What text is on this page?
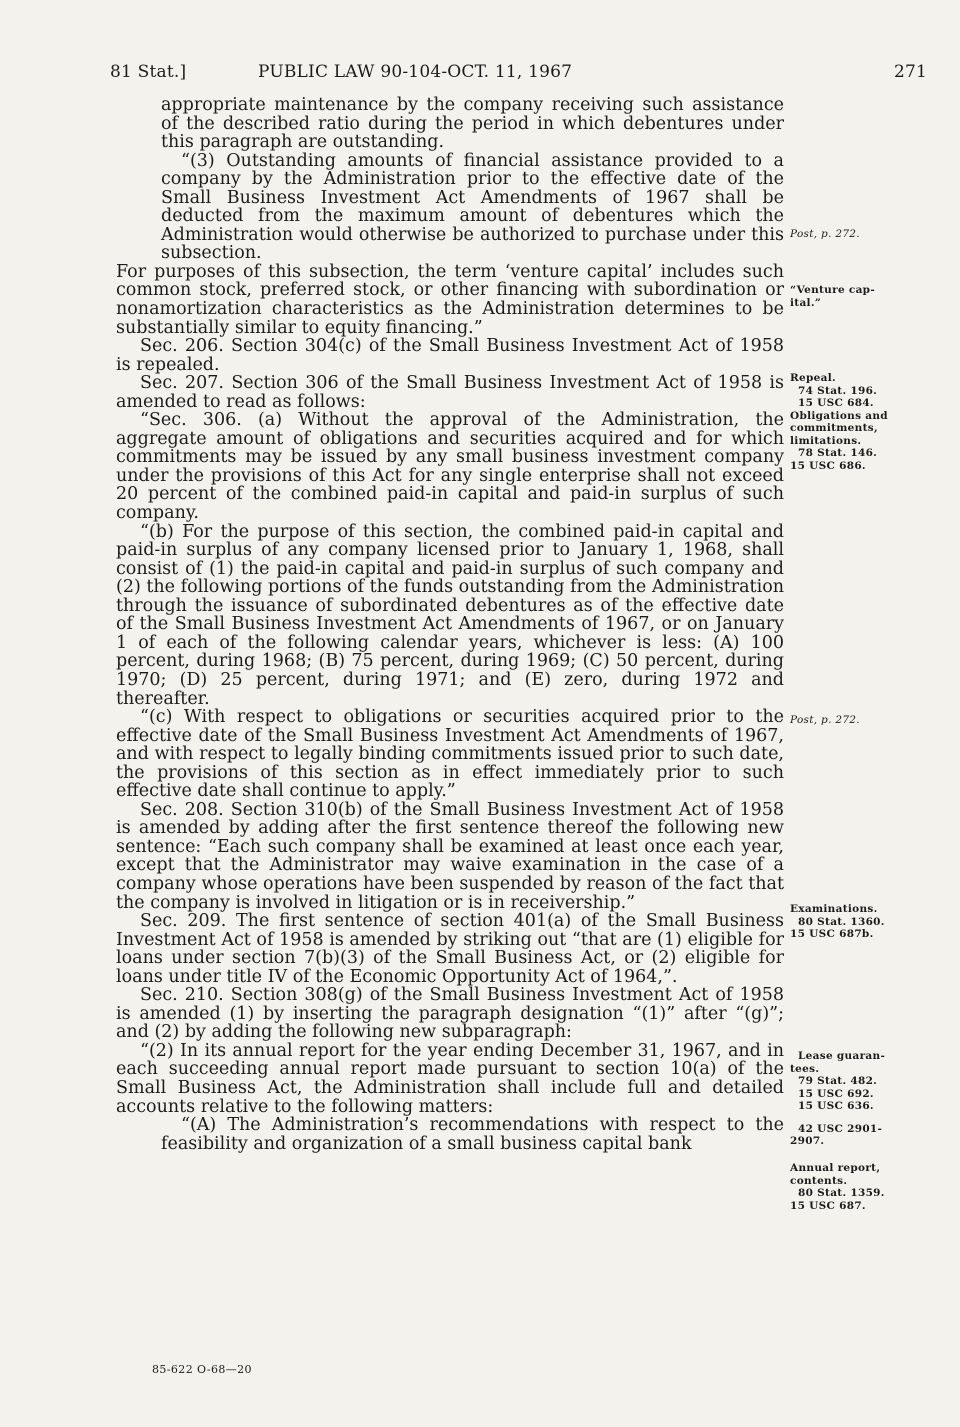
81 Stat.]	PUBLIC LAW 90-104-OCT. 11, 1967	271

appropriate maintenance by the company receiving such assistance of the described ratio during the period in which debentures under this paragraph are outstanding.

“(3) Outstanding amounts of financial assistance provided to a company by the Administration prior to the effective date of the Small Business Investment Act Amendments of 1967 shall be deducted from the maximum amount of debentures which the Administration would otherwise be authorized to purchase under this subsection.

For purposes of this subsection, the term ‘venture capital’ includes such common stock, preferred stock, or other financing with subordination or nonamortization characteristics as the Administration determines to be substantially similar to equity financing.”

Sec. 206. Section 304(c) of the Small Business Investment Act of 1958 is repealed.

Sec. 207. Section 306 of the Small Business Investment Act of 1958 is amended to read as follows:

“Sec. 306. (a) Without the approval of the Administration, the aggregate amount of obligations and securities acquired and for which commitments may be issued by any small business investment company under the provisions of this Act for any single enterprise shall not exceed 20 percent of the combined paid-in capital and paid-in surplus of such company.

“(b) For the purpose of this section, the combined paid-in capital and paid-in surplus of any company licensed prior to January 1, 1968, shall consist of (1) the paid-in capital and paid-in surplus of such company and (2) the following portions of the funds outstanding from the Administration through the issuance of subordinated debentures as of the effective date of the Small Business Investment Act Amendments of 1967, or on January 1 of each of the following calendar years, whichever is less: (A) 100 percent, during 1968; (B) 75 percent, during 1969; (C) 50 percent, during 1970; (D) 25 percent, during 1971; and (E) zero, during 1972 and thereafter.

“(c) With respect to obligations or securities acquired prior to the effective date of the Small Business Investment Act Amendments of 1967, and with respect to legally binding commitments issued prior to such date, the provisions of this section as in effect immediately prior to such effective date shall continue to apply.”

Sec. 208. Section 310(b) of the Small Business Investment Act of 1958 is amended by adding after the first sentence thereof the following new sentence: “Each such company shall be examined at least once each year, except that the Administrator may waive examination in the case of a company whose operations have been suspended by reason of the fact that the company is involved in litigation or is in receivership.”

Sec. 209. The first sentence of section 401(a) of the Small Business Investment Act of 1958 is amended by striking out “that are (1) eligible for loans under section 7(b)(3) of the Small Business Act, or (2) eligible for loans under title IV of the Economic Opportunity Act of 1964,”.

Sec. 210. Section 308(g) of the Small Business Investment Act of 1958 is amended (1) by inserting the paragraph designation “(1)” after “(g)”; and (2) by adding the following new subparagraph:

“(2) In its annual report for the year ending December 31, 1967, and in each succeeding annual report made pursuant to section 10(a) of the Small Business Act, the Administration shall include full and detailed accounts relative to the following matters:

“(A) The Administration’s recommendations with respect to the feasibility and organization of a small business capital bank

Post, p. 272.
“Venture cap-
ital.”
Repeal.
74 Stat. 196.
15 USC 684.
Obligations and
commitments,
limitations.
78 Stat. 146.
15 USC 686.
Post, p. 272.
Examinations.
80 Stat. 1360.
15 USC 687b.
Lease guaran-
tees.
79 Stat. 482.
15 USC 692.
15 USC 636.
42 USC 2901-
2907.
Annual report,
contents.
80 Stat. 1359.
15 USC 687.
85-622 O-68—20
